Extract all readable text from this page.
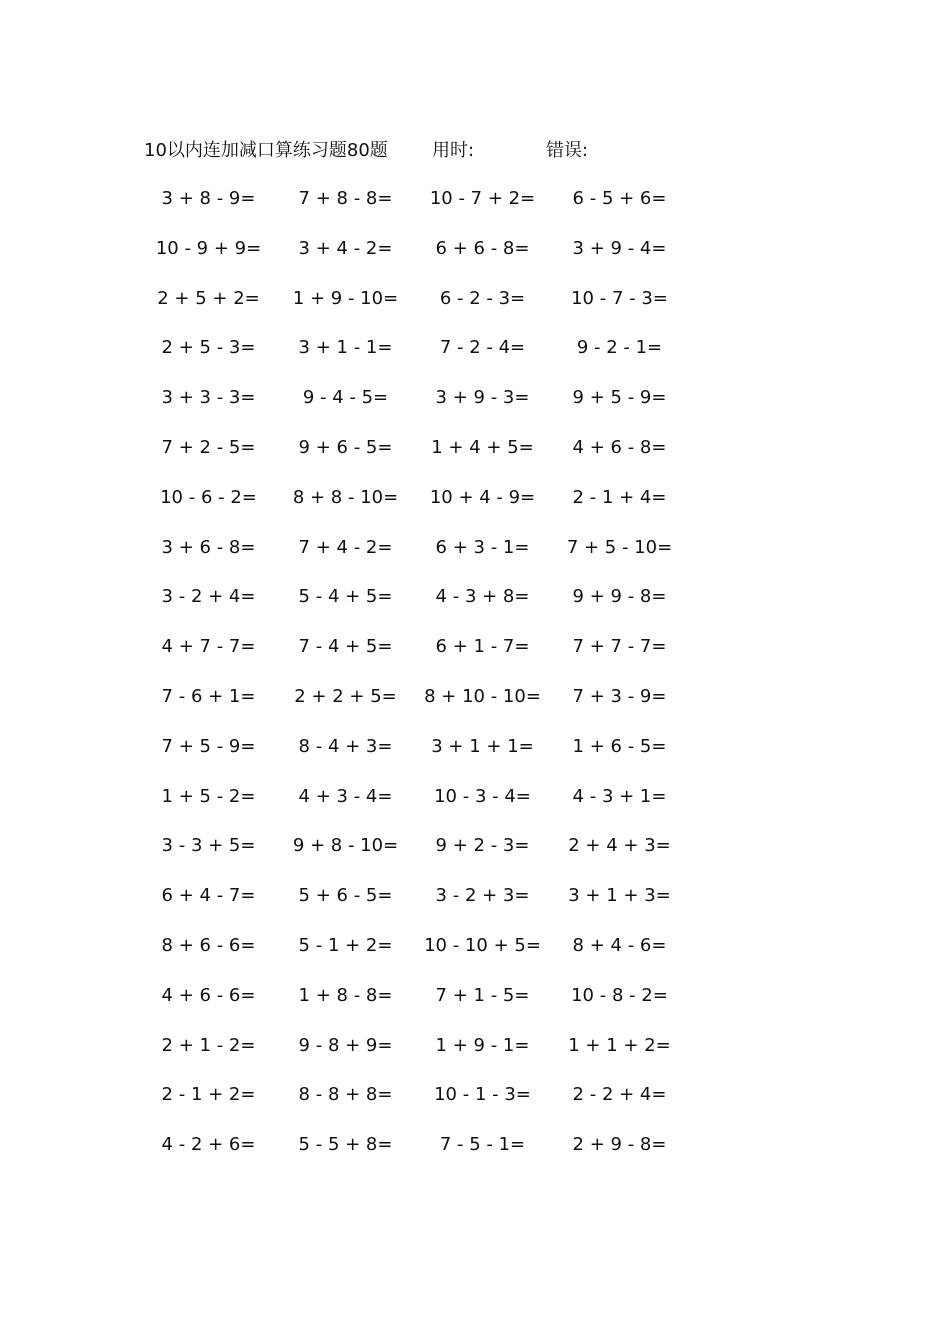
10以内连加减口算练习题80题 用时:	错误:
3 + 8 - 9=	7 + 8 - 8=	10 - 7 + 2=	6 - 5 + 6=
10 - 9 + 9=	3 + 4 - 2=	6 + 6 - 8=	3 + 9 - 4=
2 + 5 + 2=	1 + 9 - 10=	6 - 2 - 3=	10 - 7 - 3=
2 + 5 - 3=	3 + 1 - 1=	7 - 2 - 4=	9 - 2 - 1=
3 + 3 - 3=	9 - 4 - 5=	3 + 9 - 3=	9 + 5 - 9=
7 + 2 - 5=	9 + 6 - 5=	1 + 4 + 5=	4 + 6 - 8=
10 - 6 - 2=	8 + 8 - 10=	10 + 4 - 9=	2 - 1 + 4=
3 + 6 - 8=	7 + 4 - 2=	6 + 3 - 1=	7 + 5 - 10=
3 - 2 + 4=	5 - 4 + 5=	4 - 3 + 8=	9 + 9 - 8=
4 + 7 - 7=	7 - 4 + 5=	6 + 1 - 7=	7 + 7 - 7=
7 - 6 + 1=	2 + 2 + 5=	8 + 10 - 10=	7 + 3 - 9=
7 + 5 - 9=	8 - 4 + 3=	3 + 1 + 1=	1 + 6 - 5=
1 + 5 - 2=	4 + 3 - 4=	10 - 3 - 4=	4 - 3 + 1=
3 - 3 + 5=	9 + 8 - 10=	9 + 2 - 3=	2 + 4 + 3=
6 + 4 - 7=	5 + 6 - 5=	3 - 2 + 3=	3 + 1 + 3=
8 + 6 - 6=	5 - 1 + 2=	10 - 10 + 5=	8 + 4 - 6=
4 + 6 - 6=	1 + 8 - 8=	7 + 1 - 5=	10 - 8 - 2=
2 + 1 - 2=	9 - 8 + 9=	1 + 9 - 1=	1 + 1 + 2=
2 - 1 + 2=	8 - 8 + 8=	10 - 1 - 3=	2 - 2 + 4=
4 - 2 + 6=	5 - 5 + 8=	7 - 5 - 1=	2 + 9 - 8=
